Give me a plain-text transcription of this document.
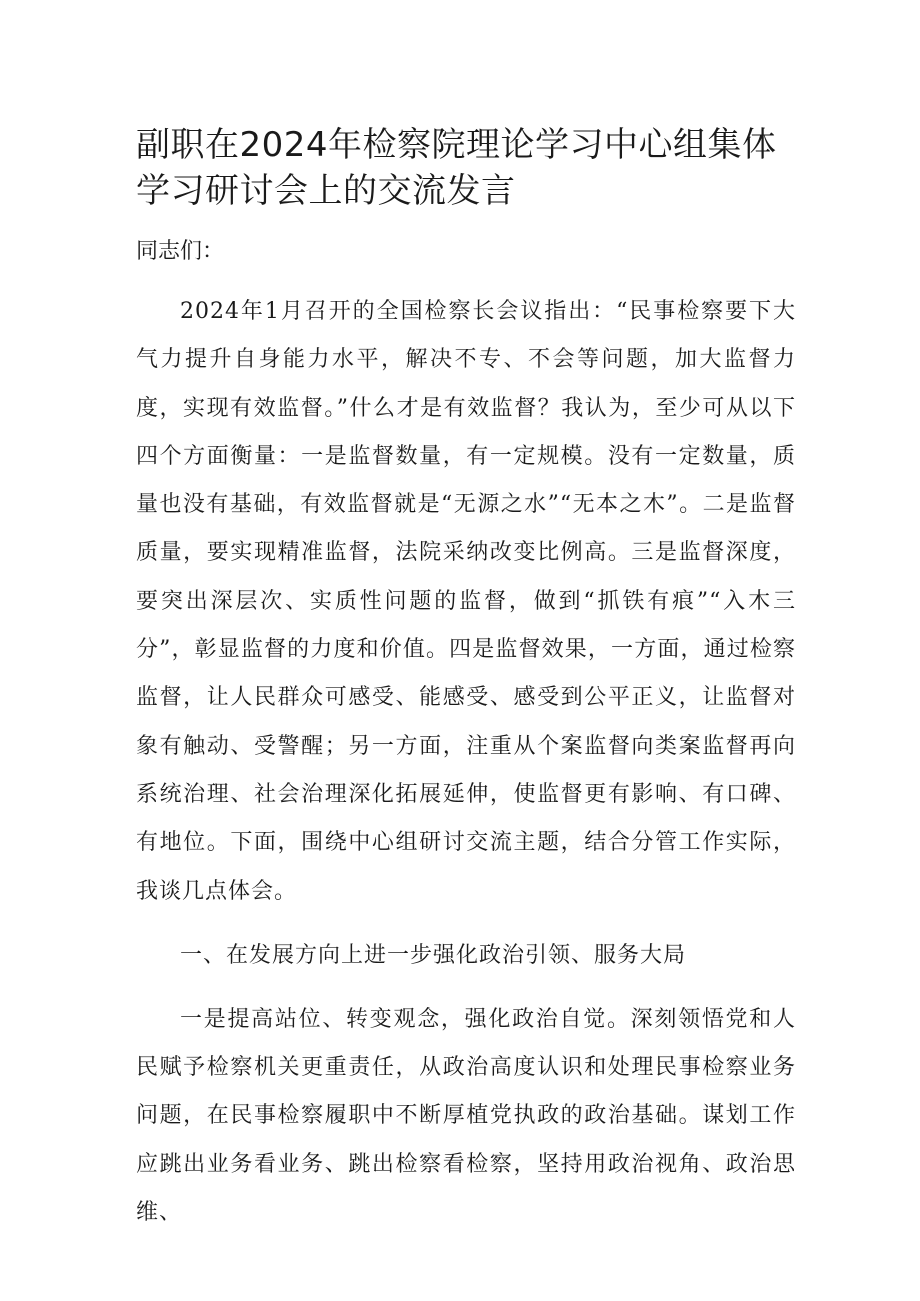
副职在2024年检察院理论学习中心组集体学习研讨会上的交流发言

同志们：

2024年1月召开的全国检察长会议指出：“民事检察要下大气力提升自身能力水平，解决不专、不会等问题，加大监督力度，实现有效监督。”什么才是有效监督？我认为，至少可从以下四个方面衡量：一是监督数量，有一定规模。没有一定数量，质量也没有基础，有效监督就是“无源之水”“无本之木”。二是监督质量，要实现精准监督，法院采纳改变比例高。三是监督深度，要突出深层次、实质性问题的监督，做到“抓铁有痕”“入木三分”，彰显监督的力度和价值。四是监督效果，一方面，通过检察监督，让人民群众可感受、能感受、感受到公平正义，让监督对象有触动、受警醒；另一方面，注重从个案监督向类案监督再向系统治理、社会治理深化拓展延伸，使监督更有影响、有口碑、有地位。下面，围绕中心组研讨交流主题，结合分管工作实际，我谈几点体会。

一、在发展方向上进一步强化政治引领、服务大局

一是提高站位、转变观念，强化政治自觉。深刻领悟党和人民赋予检察机关更重责任，从政治高度认识和处理民事检察业务问题，在民事检察履职中不断厚植党执政的政治基础。谋划工作应跳出业务看业务、跳出检察看检察，坚持用政治视角、政治思维、
